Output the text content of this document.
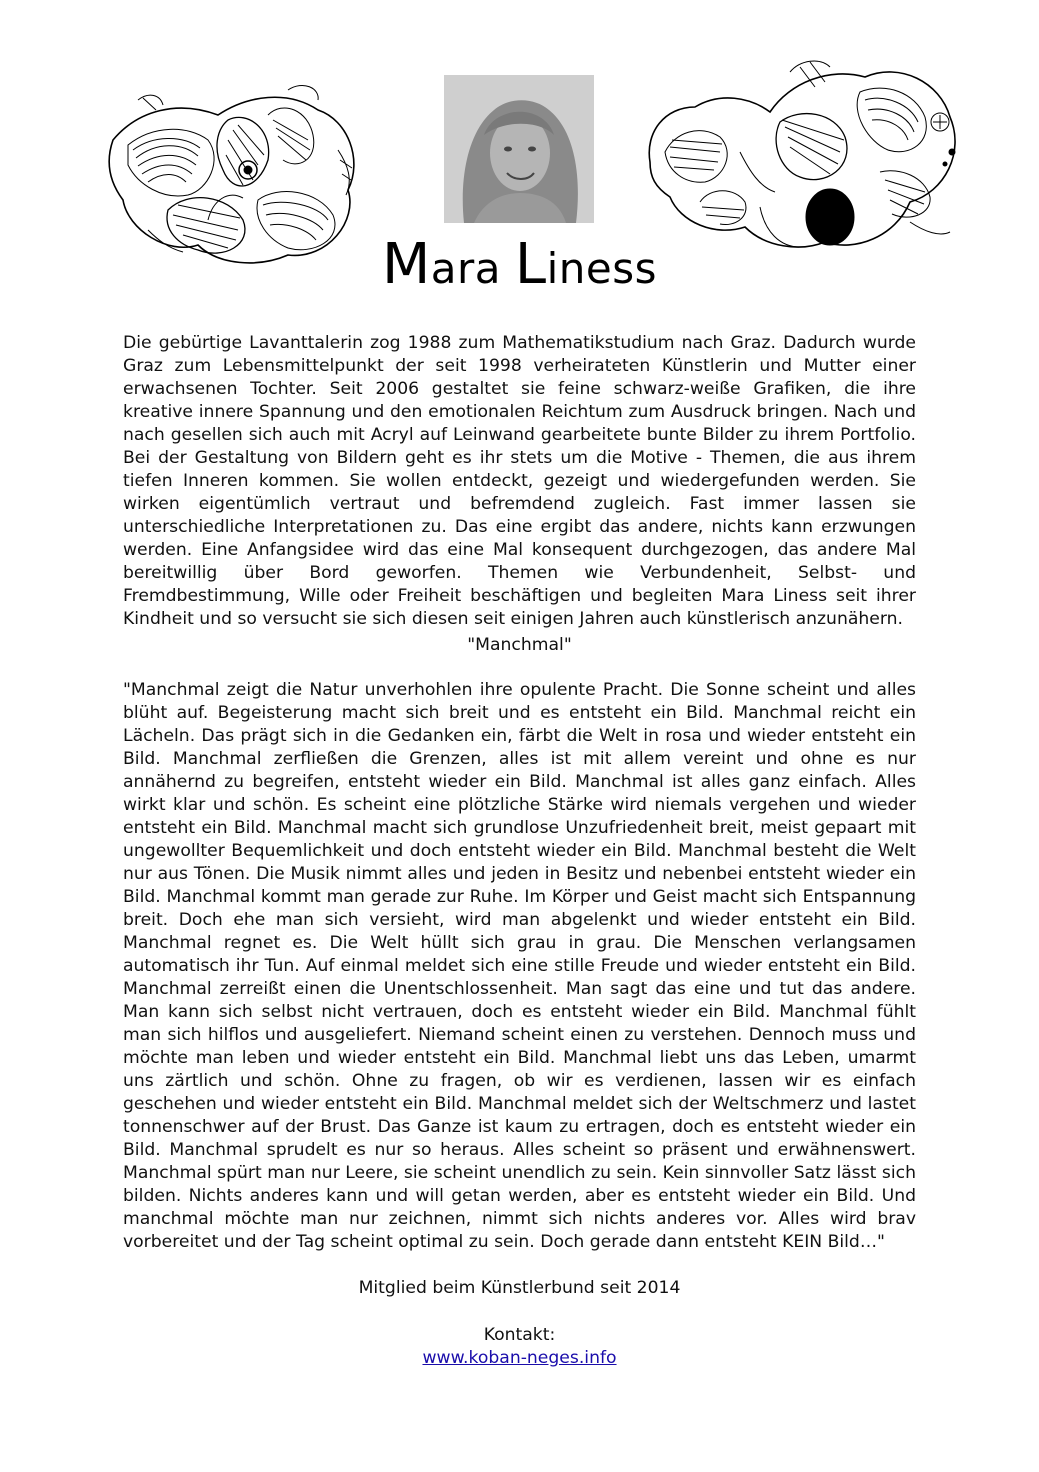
Mara Liness

Die gebürtige Lavanttalerin zog 1988 zum Mathematikstudium nach Graz. Dadurch wurde Graz zum Lebensmittelpunkt der seit 1998 verheirateten Künstlerin und Mutter einer erwachsenen Tochter. Seit 2006 gestaltet sie feine schwarz-weiße Grafiken, die ihre kreative innere Spannung und den emotionalen Reichtum zum Ausdruck bringen. Nach und nach gesellen sich auch mit Acryl auf Leinwand gearbeitete bunte Bilder zu ihrem Portfolio. Bei der Gestaltung von Bildern geht es ihr stets um die Motive - Themen, die aus ihrem tiefen Inneren kommen. Sie wollen entdeckt, gezeigt und wiedergefunden werden. Sie wirken eigentümlich vertraut und befremdend zugleich. Fast immer lassen sie unterschiedliche Interpretationen zu. Das eine ergibt das andere, nichts kann erzwungen werden. Eine Anfangsidee wird das eine Mal konsequent durchgezogen, das andere Mal bereitwillig über Bord geworfen. Themen wie Verbundenheit, Selbst- und Fremdbestimmung, Wille oder Freiheit beschäftigen und begleiten Mara Liness seit ihrer Kindheit und so versucht sie sich diesen seit einigen Jahren auch künstlerisch anzunähern.

"Manchmal"

"Manchmal zeigt die Natur unverhohlen ihre opulente Pracht. Die Sonne scheint und alles blüht auf. Begeisterung macht sich breit und es entsteht ein Bild. Manchmal reicht ein Lächeln. Das prägt sich in die Gedanken ein, färbt die Welt in rosa und wieder entsteht ein Bild. Manchmal zerfließen die Grenzen, alles ist mit allem vereint und ohne es nur annähernd zu begreifen, entsteht wieder ein Bild. Manchmal ist alles ganz einfach. Alles wirkt klar und schön. Es scheint eine plötzliche Stärke wird niemals vergehen und wieder entsteht ein Bild. Manchmal macht sich grundlose Unzufriedenheit breit, meist gepaart mit ungewollter Bequemlichkeit und doch entsteht wieder ein Bild. Manchmal besteht die Welt nur aus Tönen. Die Musik nimmt alles und jeden in Besitz und nebenbei entsteht wieder ein Bild. Manchmal kommt man gerade zur Ruhe. Im Körper und Geist macht sich Entspannung breit. Doch ehe man sich versieht, wird man abgelenkt und wieder entsteht ein Bild. Manchmal regnet es. Die Welt hüllt sich grau in grau. Die Menschen verlangsamen automatisch ihr Tun. Auf einmal meldet sich eine stille Freude und wieder entsteht ein Bild. Manchmal zerreißt einen die Unentschlossenheit. Man sagt das eine und tut das andere. Man kann sich selbst nicht vertrauen, doch es entsteht wieder ein Bild. Manchmal fühlt man sich hilflos und ausgeliefert. Niemand scheint einen zu verstehen. Dennoch muss und möchte man leben und wieder entsteht ein Bild. Manchmal liebt uns das Leben, umarmt uns zärtlich und schön. Ohne zu fragen, ob wir es verdienen, lassen wir es einfach geschehen und wieder entsteht ein Bild. Manchmal meldet sich der Weltschmerz und lastet tonnenschwer auf der Brust. Das Ganze ist kaum zu ertragen, doch es entsteht wieder ein Bild. Manchmal sprudelt es nur so heraus. Alles scheint so präsent und erwähnenswert. Manchmal spürt man nur Leere, sie scheint unendlich zu sein. Kein sinnvoller Satz lässt sich bilden. Nichts anderes kann und will getan werden, aber es entsteht wieder ein Bild. Und manchmal möchte man nur zeichnen, nimmt sich nichts anderes vor. Alles wird brav vorbereitet und der Tag scheint optimal zu sein. Doch gerade dann entsteht KEIN Bild…"

Mitglied beim Künstlerbund seit 2014

Kontakt:

www.koban-neges.info
